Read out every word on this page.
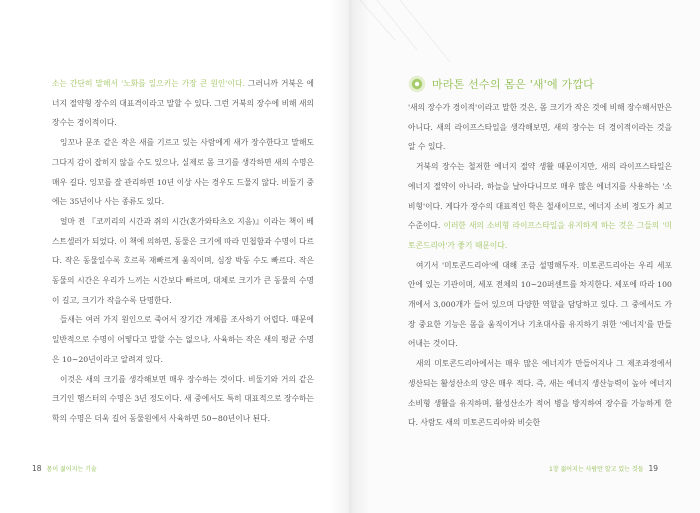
소는 간단히 말해서 '노화를 일으키는 가장 큰 원인'이다. 그러니까 거북은 에너지 절약형 장수의 대표격이라고 말할 수 있다. 그런 거북의 장수에 비해 새의 장수는 경이적이다.

잉꼬나 문조 같은 작은 새를 기르고 있는 사람에게 새가 장수한다고 말해도 그다지 감이 잡히지 않을 수도 있으나, 실제로 몸 크기를 생각하면 새의 수명은 매우 길다. 잉꼬를 잘 관리하면 10년 이상 사는 경우도 드물지 않다. 비둘기 중에는 35년이나 사는 종류도 있다.

얼마 전 『코끼리의 시간과 쥐의 시간(혼가와타츠오 지음)』이라는 책이 베스트셀러가 되었다. 이 책에 의하면, 동물은 크기에 따라 민첩함과 수명이 다르다. 작은 동물일수록 호르록 재빠르게 움직이며, 심장 박동 수도 빠르다. 작은 동물의 시간은 우리가 느끼는 시간보다 빠르며, 대체로 크기가 큰 동물의 수명이 길고, 크기가 작을수록 단명한다.

들새는 여러 가지 원인으로 죽어서 장기간 개체를 조사하기 어렵다. 때문에 일반적으로 수명이 어떻다고 말할 수는 없으나, 사육하는 작은 새의 평균 수명은 10~20년이라고 알려져 있다.

이것은 새의 크기를 생각해보면 매우 장수하는 것이다. 비둘기와 거의 같은 크기인 햄스터의 수명은 3년 정도이다. 새 중에서도 특히 대표적으로 장수하는 학의 수명은 더욱 길어 동물원에서 사육하면 50~80년이나 된다.

18 몸이 젊어지는 기술	1장 젊어지는 사람만 알고 있는 것들 19
마라톤 선수의 몸은 '새'에 가깝다

'새의 장수가 경이적'이라고 말한 것은, 몸 크기가 작은 것에 비해 장수해서만은 아니다. 새의 라이프스타일을 생각해보면, 새의 장수는 더 경이적이라는 것을 알 수 있다.

거북의 장수는 철저한 에너지 절약 생활 때문이지만, 새의 라이프스타일은 에너지 절약이 아니라, 하늘을 날아다니므로 매우 많은 에너지를 사용하는 '소비형'이다. 게다가 장수의 대표적인 학은 철새이므로, 에너지 소비 정도가 최고 수준이다. 이러한 새의 소비형 라이프스타일을 유지하게 하는 것은 그들의 '미토콘드리아'가 좋기 때문이다.

여기서 '미토콘드리아'에 대해 조금 설명해두자. 미토콘드리아는 우리 세포 안에 있는 기관이며, 세포 전체의 10~20퍼센트를 차지한다. 세포에 따라 100개에서 3,000개가 들어 있으며 다양한 역할을 담당하고 있다. 그 중에서도 가장 중요한 기능은 몸을 움직이거나 기초대사를 유지하기 위한 '에너지'를 만들어내는 것이다.

새의 미토콘드리아에서는 매우 많은 에너지가 만들어지나 그 제조과정에서 생산되는 활성산소의 양은 매우 적다. 즉, 새는 에너지 생산능력이 높아 에너지 소비형 생활을 유지하며, 활성산소가 적어 병을 방지하여 장수를 가능하게 한다. 사람도 새의 미토콘드리아와 비슷한
